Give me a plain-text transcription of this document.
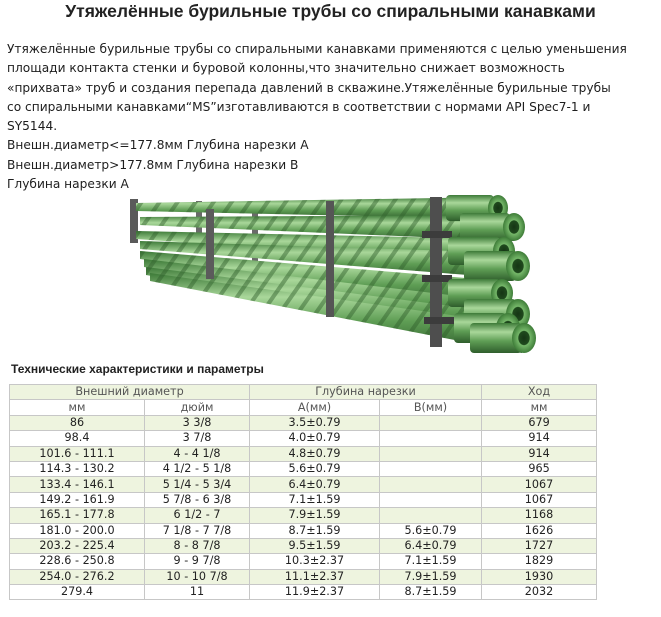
Утяжелённые бурильные трубы со спиральными канавками

Утяжелённые бурильные трубы со спиральными канавками применяются с целью уменьшения
площади контакта стенки и буровой колонны,что значительно снижает возможность
«прихвата» труб и создания перепада давлений в скважине.Утяжелённые бурильные трубы
со спиральными канавками“MS”изготавливаются в соответствии с нормами API Spec7-1 и
SY5144.
Внешн.диаметр<=177.8мм Глубина нарезки A
Внешн.диаметр>177.8мм Глубина нарезки B
Глубина нарезки A

Технические характеристики и параметры
Внешний диаметр		Глубина нарезки		Ход
мм	дюйм	A(мм)	B(мм)	мм
86	3 3/8	3.5±0.79		679
98.4	3 7/8	4.0±0.79		914
101.6 - 111.1	4 - 4 1/8	4.8±0.79		914
114.3 - 130.2	4 1/2 - 5 1/8	5.6±0.79		965
133.4 - 146.1	5 1/4 - 5 3/4	6.4±0.79		1067
149.2 - 161.9	5 7/8 - 6 3/8	7.1±1.59		1067
165.1 - 177.8	6 1/2 - 7	7.9±1.59		1168
181.0 - 200.0	7 1/8 - 7 7/8	8.7±1.59	5.6±0.79	1626
203.2 - 225.4	8 - 8 7/8	9.5±1.59	6.4±0.79	1727
228.6 - 250.8	9 - 9 7/8	10.3±2.37	7.1±1.59	1829
254.0 - 276.2	10 - 10 7/8	11.1±2.37	7.9±1.59	1930
279.4	11	11.9±2.37	8.7±1.59	2032
